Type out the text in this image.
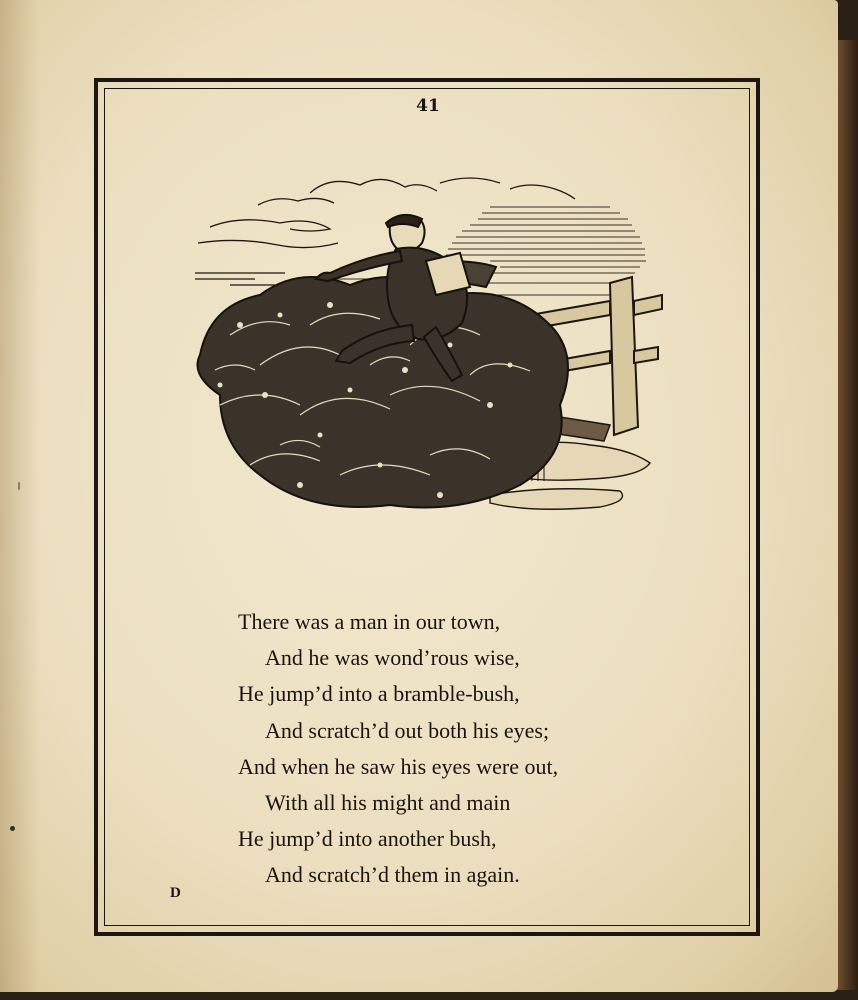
41
There was a man in our town,
And he was wond’rous wise,
He jump’d into a bramble-bush,
And scratch’d out both his eyes;
And when he saw his eyes were out,
With all his might and main
He jump’d into another bush,
And scratch’d them in again.
D
